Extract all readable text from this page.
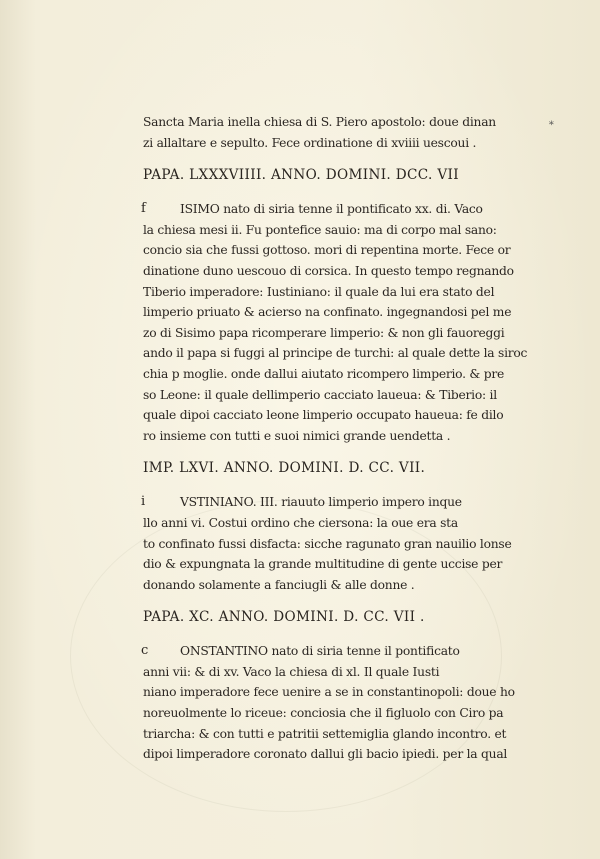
∗
Sancta Maria inella chiesa di S. Piero apostolo: doue dinan
zi allaltare e sepulto. Fece ordinatione di xviiii uescoui .
PAPA. LXXXVIIII. ANNO. DOMINI. DCC. VII
f	ISIMO nato di siria tenne il pontificato xx. di. Vaco
la chiesa mesi ii. Fu pontefice sauio: ma di corpo mal sano:
concio sia che fussi gottoso. mori di repentina morte. Fece or
dinatione duno uescouo di corsica. In questo tempo regnando
Tiberio imperadore: Iustiniano: il quale da lui era stato del
limperio priuato & acierso na confinato. ingegnandosi pel me
zo di Sisimo papa ricomperare limperio: & non gli fauoreggi
ando il papa si fuggi al principe de turchi: al quale dette la siroc
chia p moglie. onde dallui aiutato ricompero limperio. & pre
so Leone: il quale dellimperio cacciato laueua: & Tiberio: il
quale dipoi cacciato leone limperio occupato haueua: fe dilo
ro insieme con tutti e suoi nimici grande uendetta .
IMP. LXVI. ANNO. DOMINI. D. CC. VII.
i	VSTINIANO. III. riauuto limperio impero inque
llo anni vi. Costui ordino che ciersona: la oue era sta
to confinato fussi disfacta: sicche ragunato gran nauilio lonse
dio & expungnata la grande multitudine di gente uccise per
donando solamente a fanciugli & alle donne .
PAPA. XC. ANNO. DOMINI. D. CC. VII .
c	ONSTANTINO nato di siria tenne il pontificato
anni vii: & di xv. Vaco la chiesa di xl. Il quale Iusti
niano imperadore fece uenire a se in constantinopoli: doue ho
noreuolmente lo riceue: conciosia che il figluolo con Ciro pa
triarcha: & con tutti e patritii settemiglia glando incontro. et
dipoi limperadore coronato dallui gli bacio ipiedi. per la qual
